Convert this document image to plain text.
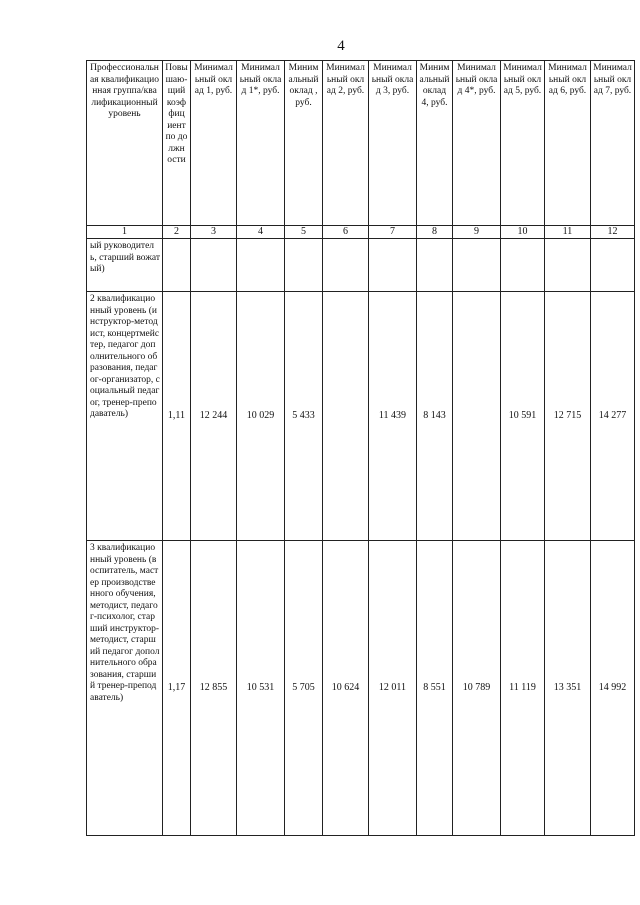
4
Профессиональная квалификационная группа/квалификационный уровень	Повышающий коэффициент по должности	Минимальный оклад 1, руб.	Минимальный оклад 1*, руб.	Минимальный оклад , руб.	Минимальный оклад 2, руб.	Минимальный оклад 3, руб.	Минимальный оклад 4, руб.	Минимальный оклад 4*, руб.	Минимальный оклад 5, руб.	Минимальный оклад 6, руб.	Минимальный оклад 7, руб.
1	2	3	4	5	6	7	8	9	10	11	12
ый руководитель, старший вожатый)											
2 квалификационный уровень (инструктор-методист, концертмейстер, педагог дополнительного образования, педагог-организатор, социальный педагог, тренер-преподаватель)	1,11	12 244	10 029	5 433		11 439	8 143		10 591	12 715	14 277
3 квалификационный уровень (воспитатель, мастер производственного обучения, методист, педагог-психолог, старший инструктор-методист, старший педагог дополнительного образования, старший тренер-преподаватель)	1,17	12 855	10 531	5 705	10 624	12 011	8 551	10 789	11 119	13 351	14 992
